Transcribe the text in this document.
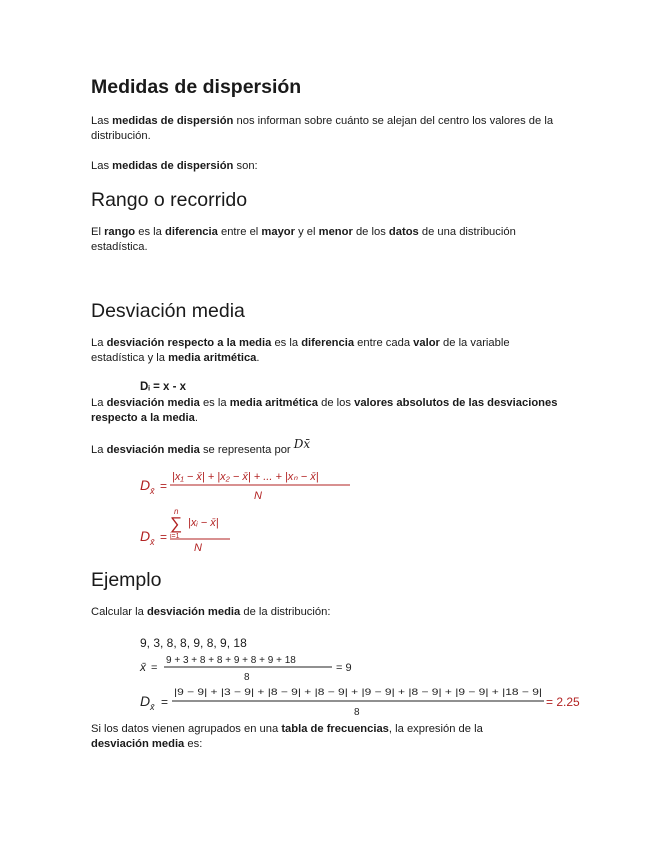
Medidas de dispersión

Las medidas de dispersión nos informan sobre cuánto se alejan del centro los valores de la distribución.

Las medidas de dispersión son:

Rango o recorrido

El rango es la diferencia entre el mayor y el menor de los datos de una distribución estadística.

Desviación media

La desviación respecto a la media es la diferencia entre cada valor de la variable estadística y la media aritmética.

Dᵢ = x - x

La desviación media es la media aritmética de los valores absolutos de las desviaciones respecto a la media.

La desviación media se representa por Dx̄

D x̄ =
|x₁ − x̄| + |x₂ − x̄| + ... + |xₙ − x̄|
N
D x̄ =
n
∑
i=1
|xᵢ − x̄|
N
Ejemplo

Calcular la desviación media de la distribución:

9, 3, 8, 8, 9, 8, 9, 18
x̄ =
9 + 3 + 8 + 8 + 9 + 8 + 9 + 18
8
= 9
D x̄ =
|9 − 9| + |3 − 9| + |8 − 9| + |8 − 9| + |9 − 9| + |8 − 9| + |9 − 9| + |18 − 9|
8
= 2.25

Si los datos vienen agrupados en una tabla de frecuencias, la expresión de la desviación media es:
